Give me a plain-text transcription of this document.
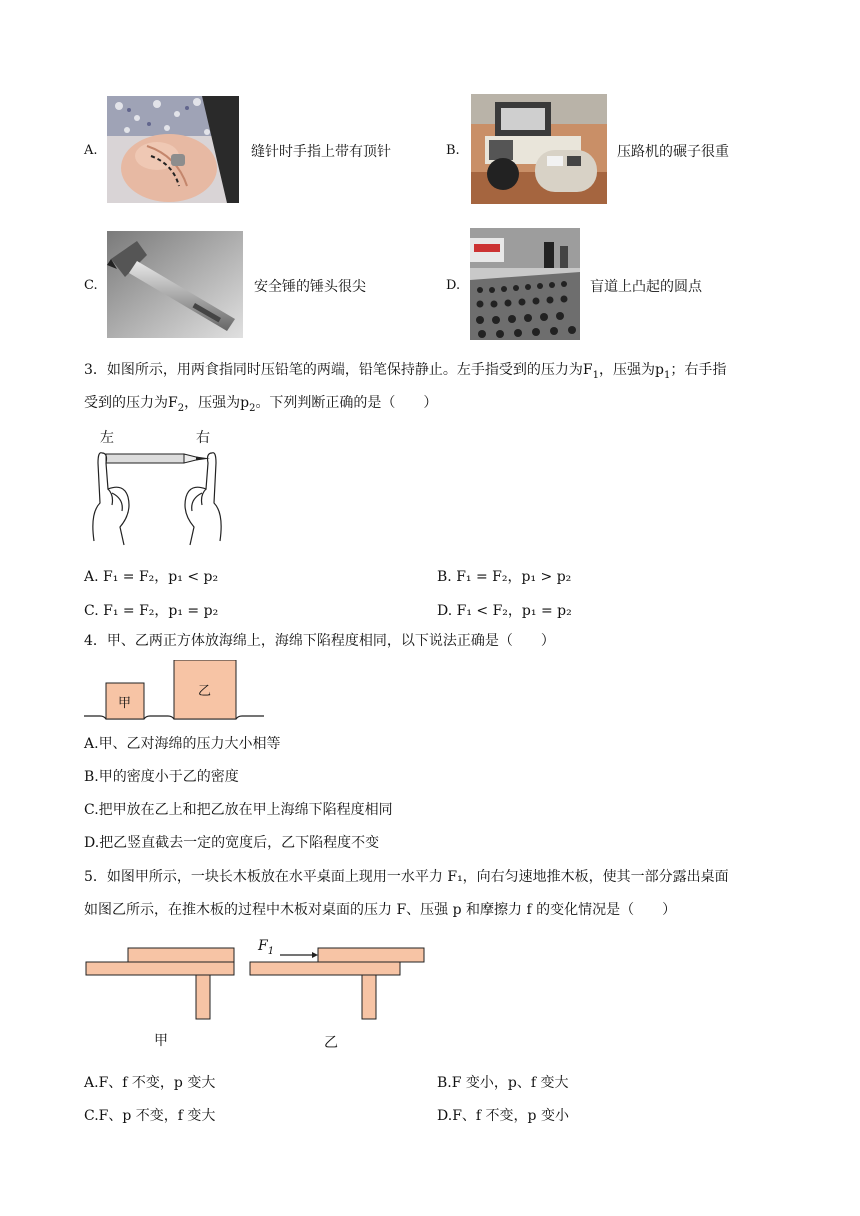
A.	缝针时手指上带有顶针	B.	压路机的碾子很重
C.	安全锤的锤头很尖	D.	盲道上凸起的圆点
3．如图所示，用两食指同时压铅笔的两端，铅笔保持静止。左手指受到的压力为$F_1$，压强为$p_1$；右手指
受到的压力为$F_2$，压强为$p_2$。下列判断正确的是（　　）
左	右
A. F₁ = F₂，p₁ < p₂	B. F₁ = F₂，p₁ > p₂
C. F₁ = F₂，p₁ = p₂	D. F₁ < F₂，p₁ = p₂
4．甲、乙两正方体放海绵上，海绵下陷程度相同，以下说法正确是（　　）
甲
乙
A.甲、乙对海绵的压力大小相等
B.甲的密度小于乙的密度
C.把甲放在乙上和把乙放在甲上海绵下陷程度相同
D.把乙竖直截去一定的宽度后，乙下陷程度不变
5．如图甲所示，一块长木板放在水平桌面上现用一水平力 F₁，向右匀速地推木板，使其一部分露出桌面
如图乙所示，在推木板的过程中木板对桌面的压力 F、压强 p 和摩擦力 f 的变化情况是（　　）
$F_1$
甲	乙
A.F、f 不变，p 变大	B.F 变小，p、f 变大
C.F、p 不变，f 变大	D.F、f 不变，p 变小
